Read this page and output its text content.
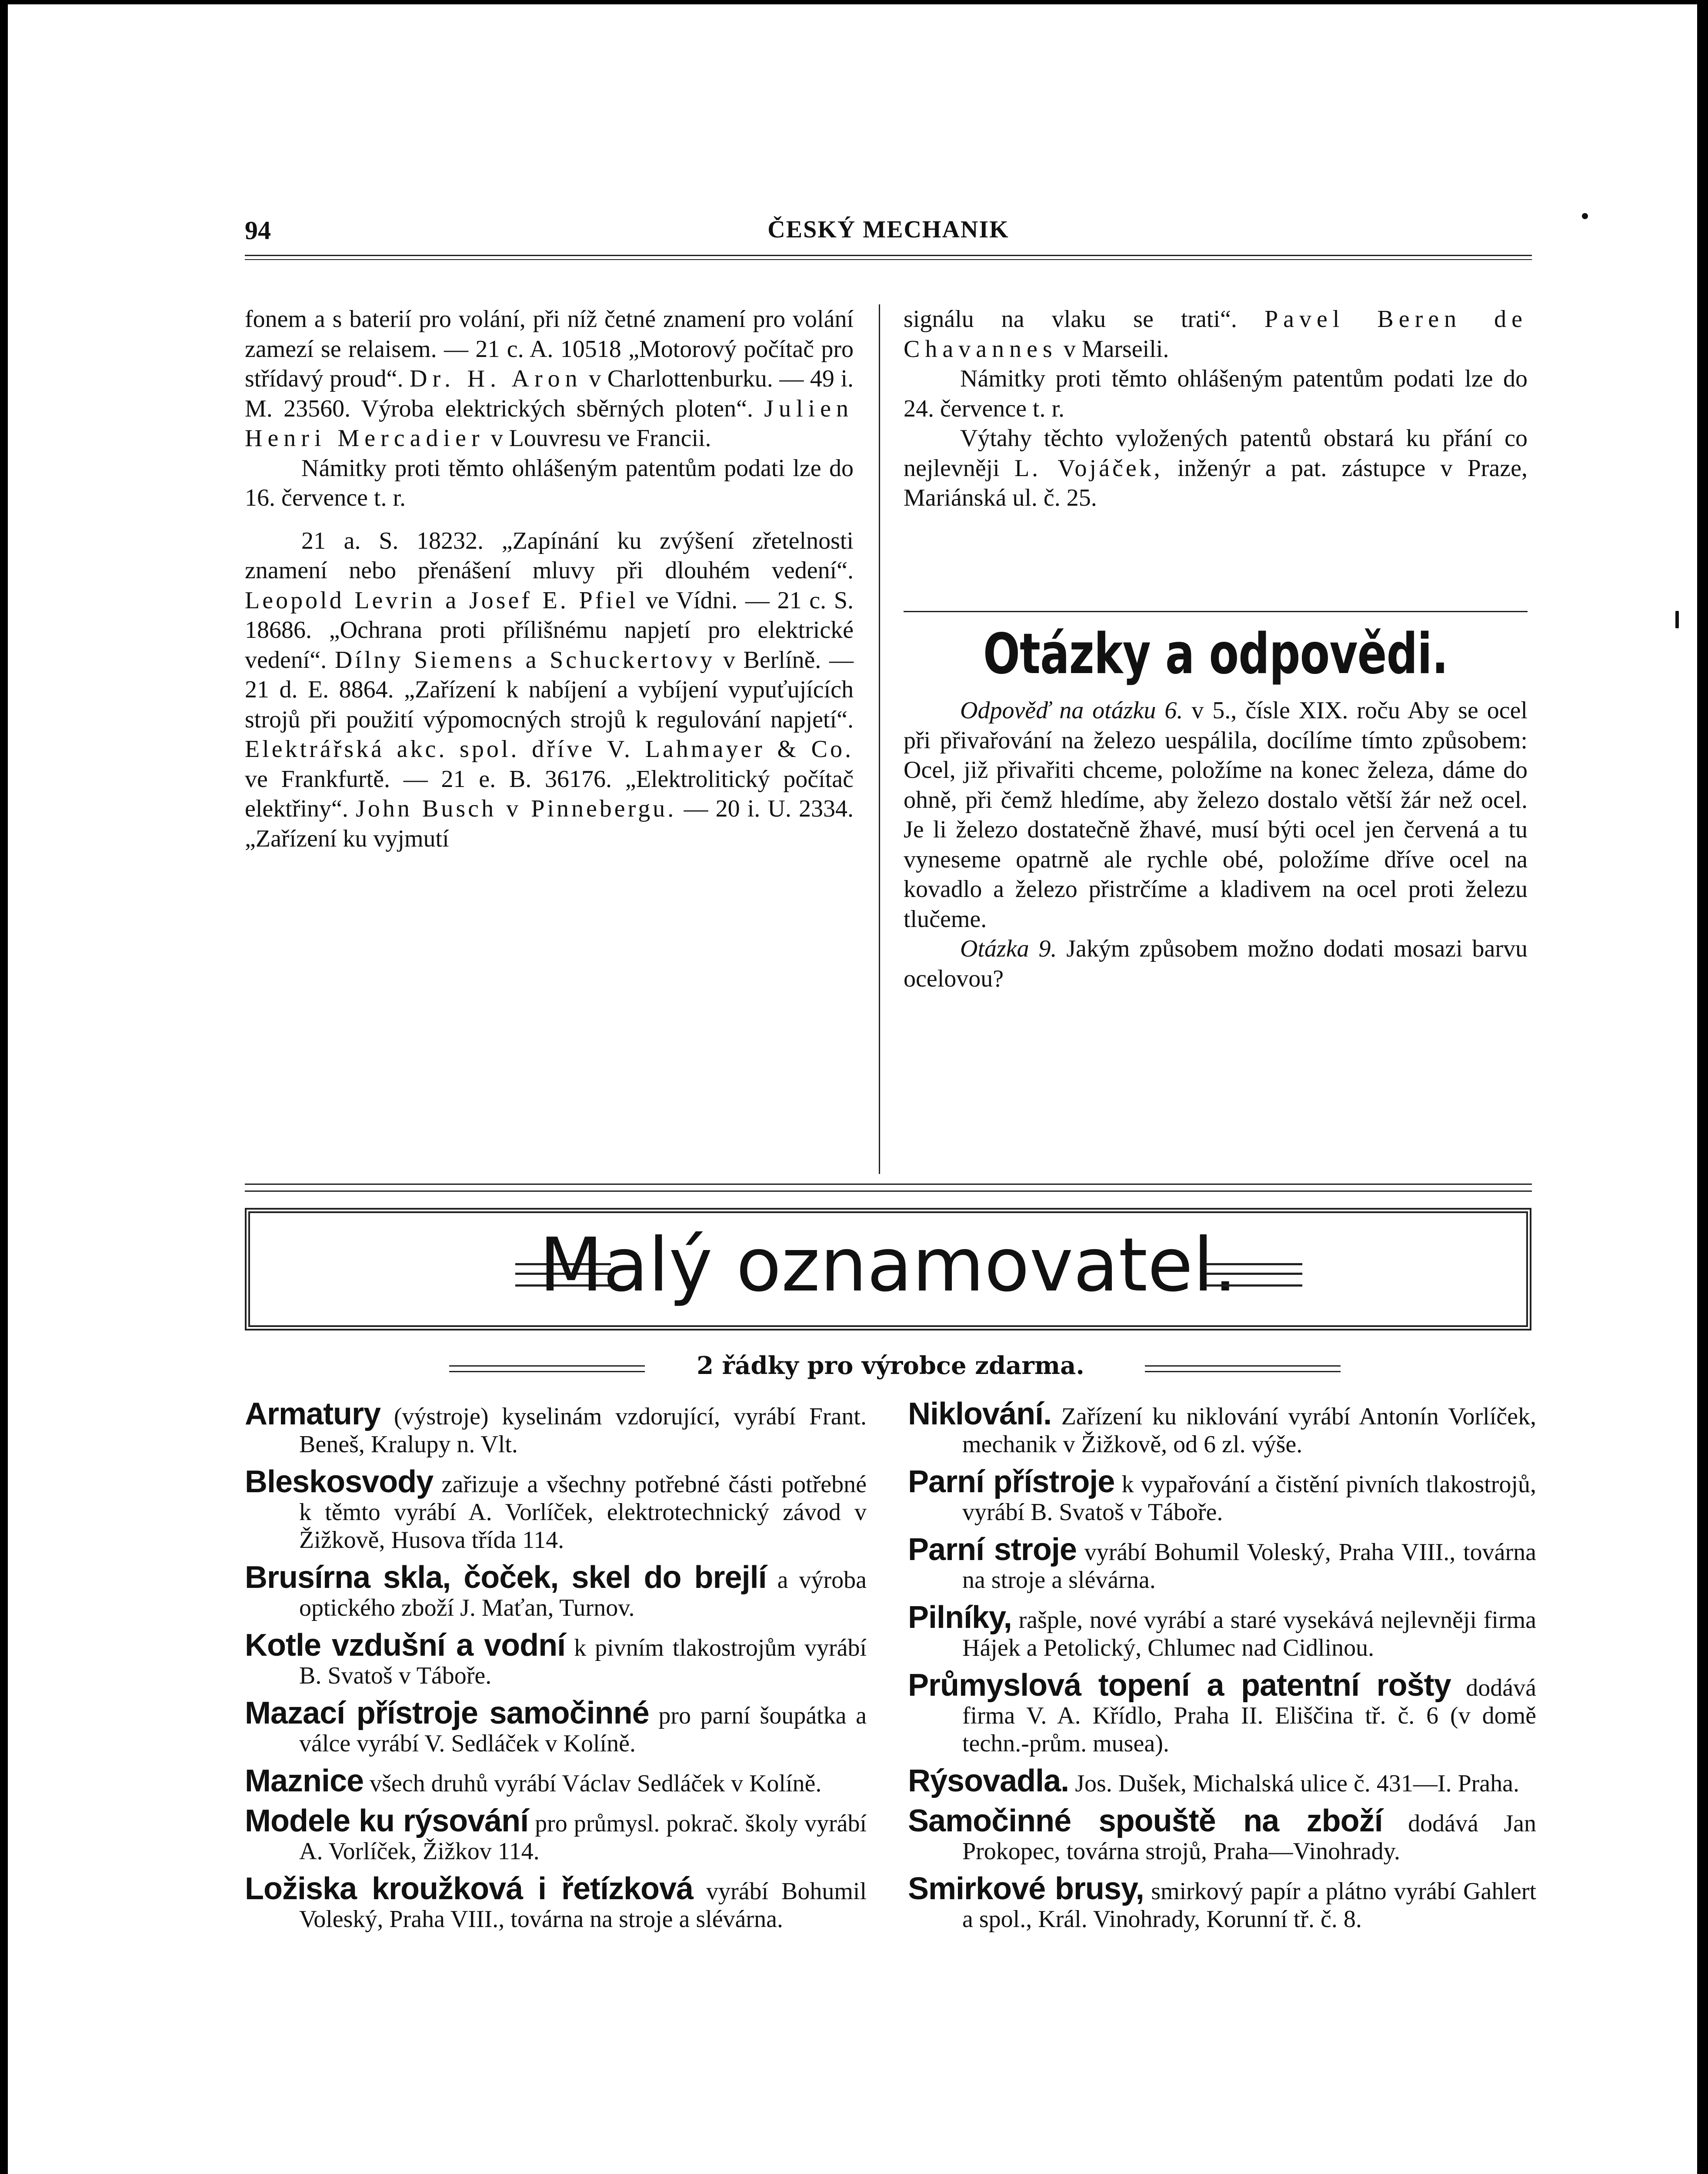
94	ČESKÝ MECHANIK

fonem a s baterií pro volání, při níž četné znamení pro volání zamezí se relaisem. — 21 c. A. 10518 „Motorový počítač pro střídavý proud“. Dr. H. Aron v Charlottenburku. — 49 i. M. 23560. Výroba elektrických sběrných ploten“. Julien Henri Mercadier v Louvresu ve Francii.

Námitky proti těmto ohlášeným patentům podati lze do 16. července t. r.

21 a. S. 18232. „Zapínání ku zvýšení zřetelnosti znamení nebo přenášení mluvy při dlouhém vedení“. Leopold Levrin a Josef E. Pfiel ve Vídni. — 21 c. S. 18686. „Ochrana proti přílišnému napjetí pro elektrické vedení“. Dílny Siemens a Schuckertovy v Berlíně. — 21 d. E. 8864. „Zařízení k nabíjení a vybíjení vypuťujících strojů při použití výpomocných strojů k regulování napjetí“. Elektrářská akc. spol. dříve V. Lahmayer & Co. ve Frankfurtě. — 21 e. B. 36176. „Elektrolitický počítač elektřiny“. John Busch v Pinnebergu. — 20 i. U. 2334. „Zařízení ku vyjmutí

signálu na vlaku se trati“. Pavel Beren de Chavannes v Marseili.

Námitky proti těmto ohlášeným patentům podati lze do 24. července t. r.

Výtahy těchto vyložených patentů obstará ku přání co nejlevněji L. Vojáček, inženýr a pat. zástupce v Praze, Mariánská ul. č. 25.

Otázky a odpovědi.

Odpověď na otázku 6. v 5., čísle XIX. roču Aby se ocel při přivařování na železo uespálila, docílíme tímto způsobem: Ocel, již přivařiti chceme, položíme na konec železa, dáme do ohně, při čemž hledíme, aby železo dostalo větší žár než ocel. Je li železo dostatečně žhavé, musí býti ocel jen červená a tu vyneseme opatrně ale rychle obé, položíme dříve ocel na kovadlo a železo přistrčíme a kladivem na ocel proti železu tlučeme.

Otázka 9. Jakým způsobem možno dodati mosazi barvu ocelovou?

Malý oznamovatel.
2 řádky pro výrobce zdarma.

Armatury (výstroje) kyselinám vzdorující, vyrábí Frant. Beneš, Kralupy n. Vlt.

Bleskosvody zařizuje a všechny potřebné části potřebné k těmto vyrábí A. Vorlíček, elektrotechnický závod v Žižkově, Husova třída 114.

Brusírna skla, čoček, skel do brejlí a výroba optického zboží J. Maťan, Turnov.

Kotle vzdušní a vodní k pivním tlakostrojům vyrábí B. Svatoš v Táboře.

Mazací přístroje samočinné pro parní šoupátka a válce vyrábí V. Sedláček v Kolíně.

Maznice všech druhů vyrábí Václav Sedláček v Kolíně.

Modele ku rýsování pro průmysl. pokrač. školy vyrábí A. Vorlíček, Žižkov 114.

Ložiska kroužková i řetízková vyrábí Bohumil Voleský, Praha VIII., továrna na stroje a slévárna.

Niklování. Zařízení ku niklování vyrábí Antonín Vorlíček, mechanik v Žižkově, od 6 zl. výše.

Parní přístroje k vypařování a čistění pivních tlakostrojů, vyrábí B. Svatoš v Táboře.

Parní stroje vyrábí Bohumil Voleský, Praha VIII., továrna na stroje a slévárna.

Pilníky, rašple, nové vyrábí a staré vysekává nejlevněji firma Hájek a Petolický, Chlumec nad Cidlinou.

Průmyslová topení a patentní rošty dodává firma V. A. Křídlo, Praha II. Eliščina tř. č. 6 (v domě techn.-prům. musea).

Rýsovadla. Jos. Dušek, Michalská ulice č. 431—I. Praha.

Samočinné spouště na zboží dodává Jan Prokopec, továrna strojů, Praha—Vinohrady.

Smirkové brusy, smirkový papír a plátno vyrábí Gahlert a spol., Král. Vinohrady, Korunní tř. č. 8.
